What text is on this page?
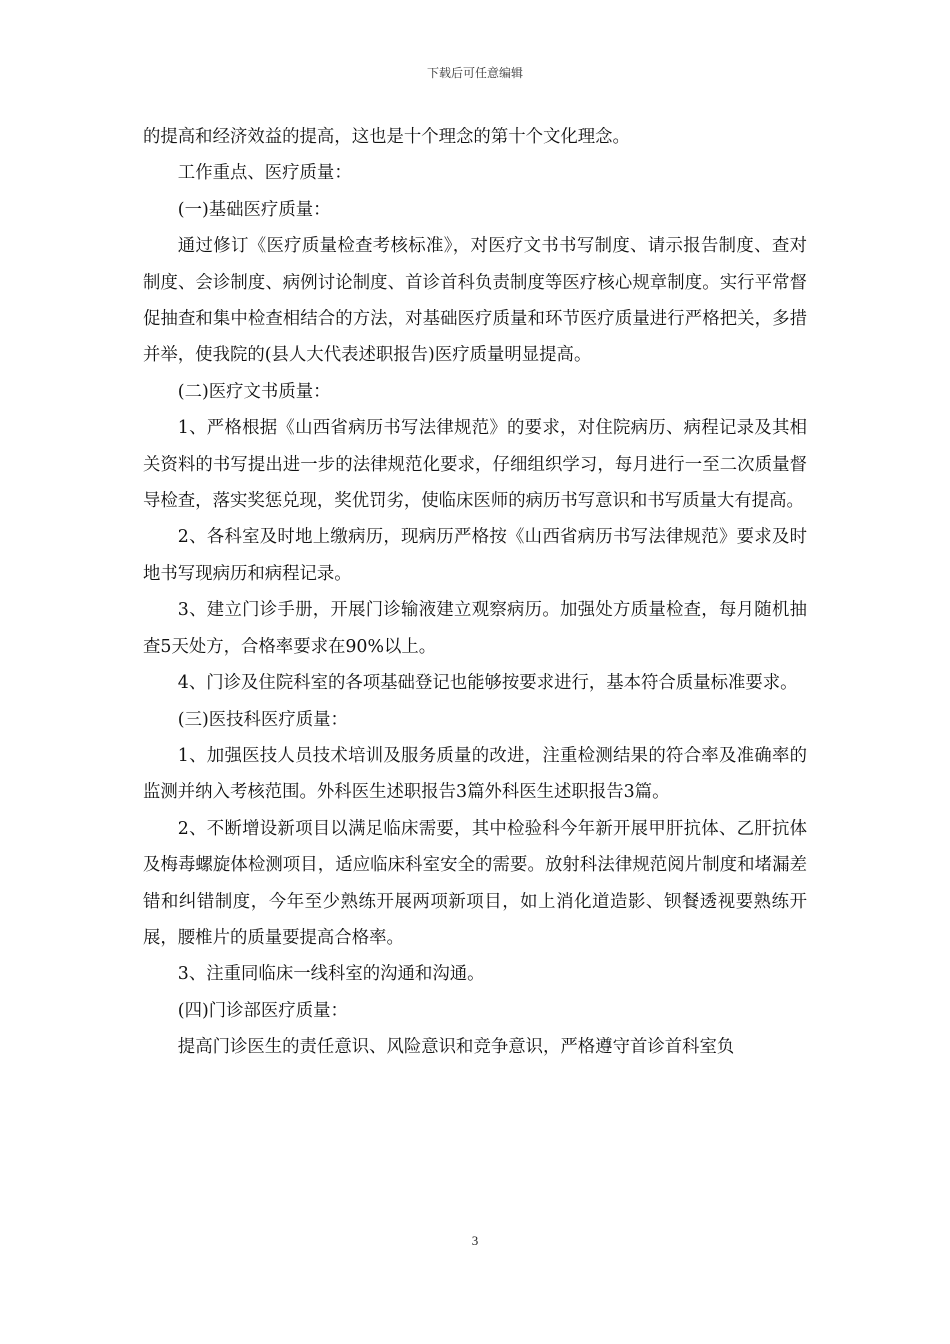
下载后可任意编辑

的提高和经济效益的提高，这也是十个理念的第十个文化理念。

工作重点、医疗质量：

(一)基础医疗质量：

通过修订《医疗质量检查考核标准》，对医疗文书书写制度、请示报告制度、查对制度、会诊制度、病例讨论制度、首诊首科负责制度等医疗核心规章制度。实行平常督促抽查和集中检查相结合的方法，对基础医疗质量和环节医疗质量进行严格把关，多措并举，使我院的(县人大代表述职报告)医疗质量明显提高。

(二)医疗文书质量：

1、严格根据《山西省病历书写法律规范》的要求，对住院病历、病程记录及其相关资料的书写提出进一步的法律规范化要求，仔细组织学习，每月进行一至二次质量督导检查，落实奖惩兑现，奖优罚劣，使临床医师的病历书写意识和书写质量大有提高。

2、各科室及时地上缴病历，现病历严格按《山西省病历书写法律规范》要求及时地书写现病历和病程记录。

3、建立门诊手册，开展门诊输液建立观察病历。加强处方质量检查，每月随机抽查5天处方，合格率要求在90%以上。

4、门诊及住院科室的各项基础登记也能够按要求进行，基本符合质量标准要求。

(三)医技科医疗质量：

1、加强医技人员技术培训及服务质量的改进，注重检测结果的符合率及准确率的监测并纳入考核范围。外科医生述职报告3篇外科医生述职报告3篇。

2、不断增设新项目以满足临床需要，其中检验科今年新开展甲肝抗体、乙肝抗体及梅毒螺旋体检测项目，适应临床科室安全的需要。放射科法律规范阅片制度和堵漏差错和纠错制度，今年至少熟练开展两项新项目，如上消化道造影、钡餐透视要熟练开展，腰椎片的质量要提高合格率。

3、注重同临床一线科室的沟通和沟通。

(四)门诊部医疗质量：

提高门诊医生的责任意识、风险意识和竞争意识，严格遵守首诊首科室负

3
